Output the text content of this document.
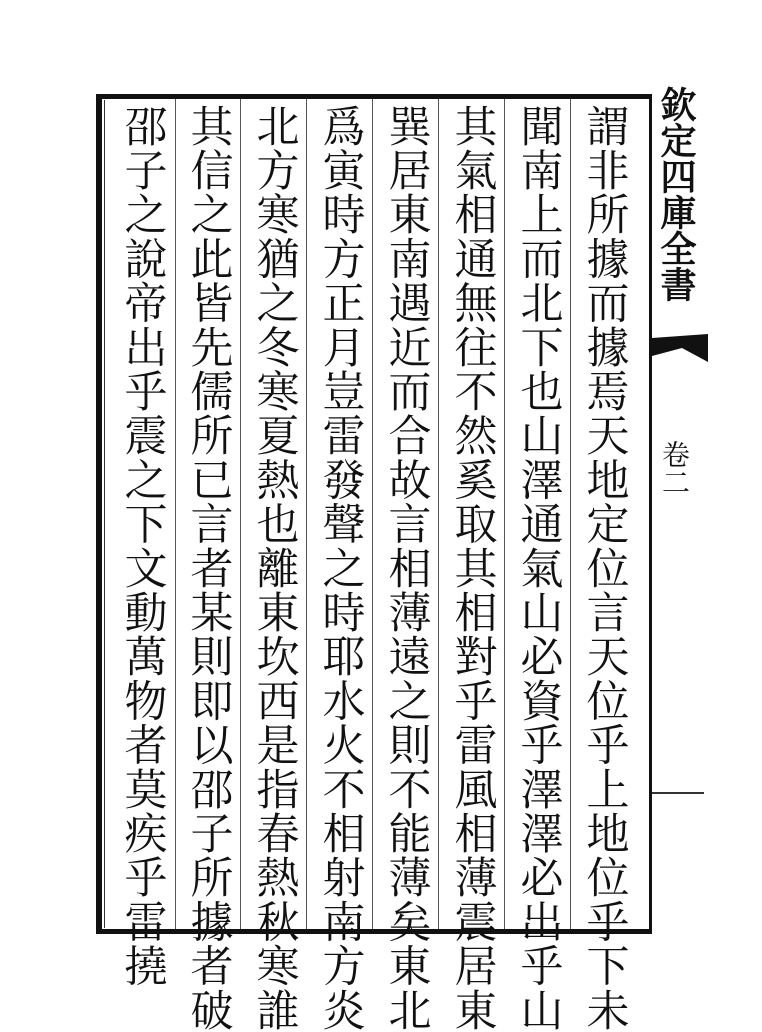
謂非所據而據焉天地定位言天位乎上地位乎下未
聞南上而北下也山澤通氣山必資乎澤澤必出乎山
其氣相通無往不然奚取其相對乎雷風相薄震居東
巽居東南遇近而合故言相薄遠之則不能薄矣東北
爲寅時方正月豈雷發聲之時耶水火不相射南方炎
北方寒猶之冬寒夏熱也離東坎西是指春熱秋寒誰
其信之此皆先儒所已言者某則即以邵子所據者破
邵子之說帝出乎震之下文動萬物者莫疾乎雷撓	欽定四庫全書
卷二
